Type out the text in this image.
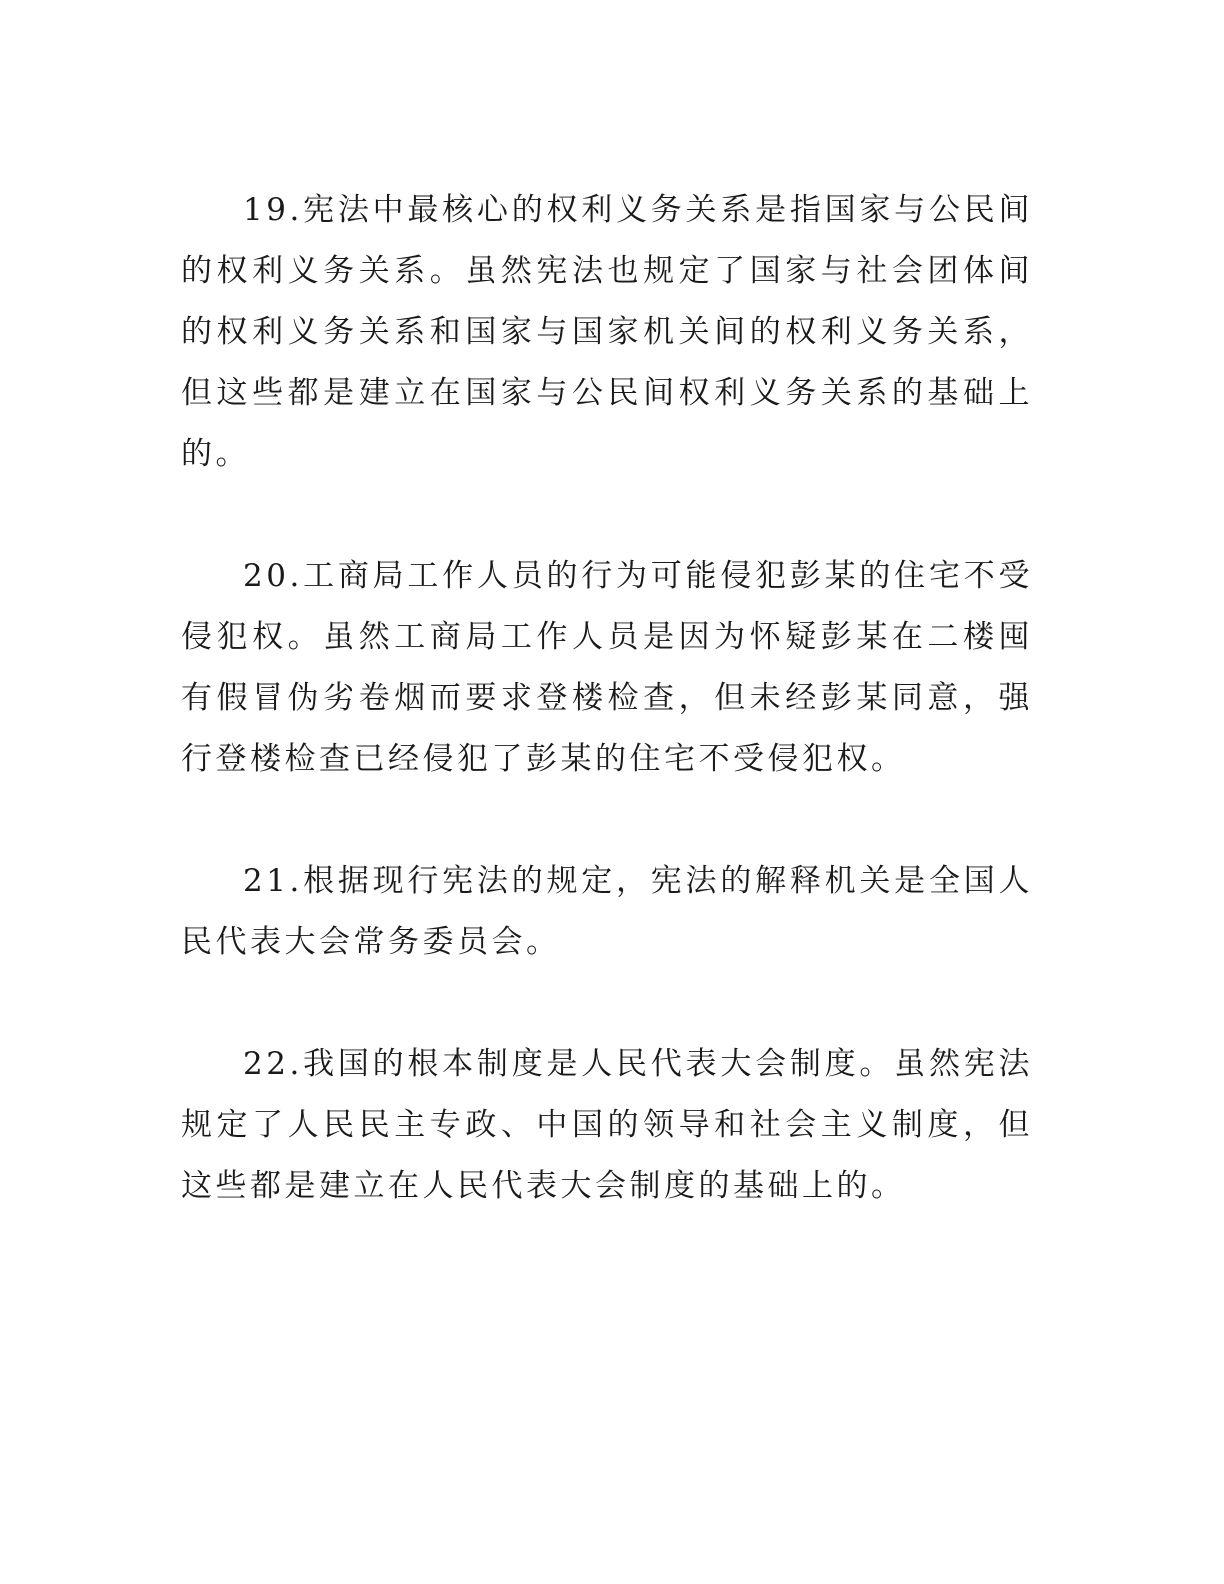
19.宪法中最核心的权利义务关系是指国家与公民间的权利义务关系。虽然宪法也规定了国家与社会团体间的权利义务关系和国家与国家机关间的权利义务关系，但这些都是建立在国家与公民间权利义务关系的基础上的。

20.工商局工作人员的行为可能侵犯彭某的住宅不受侵犯权。虽然工商局工作人员是因为怀疑彭某在二楼囤有假冒伪劣卷烟而要求登楼检查，但未经彭某同意，强行登楼检查已经侵犯了彭某的住宅不受侵犯权。

21.根据现行宪法的规定，宪法的解释机关是全国人民代表大会常务委员会。

22.我国的根本制度是人民代表大会制度。虽然宪法规定了人民民主专政、中国的领导和社会主义制度，但这些都是建立在人民代表大会制度的基础上的。
